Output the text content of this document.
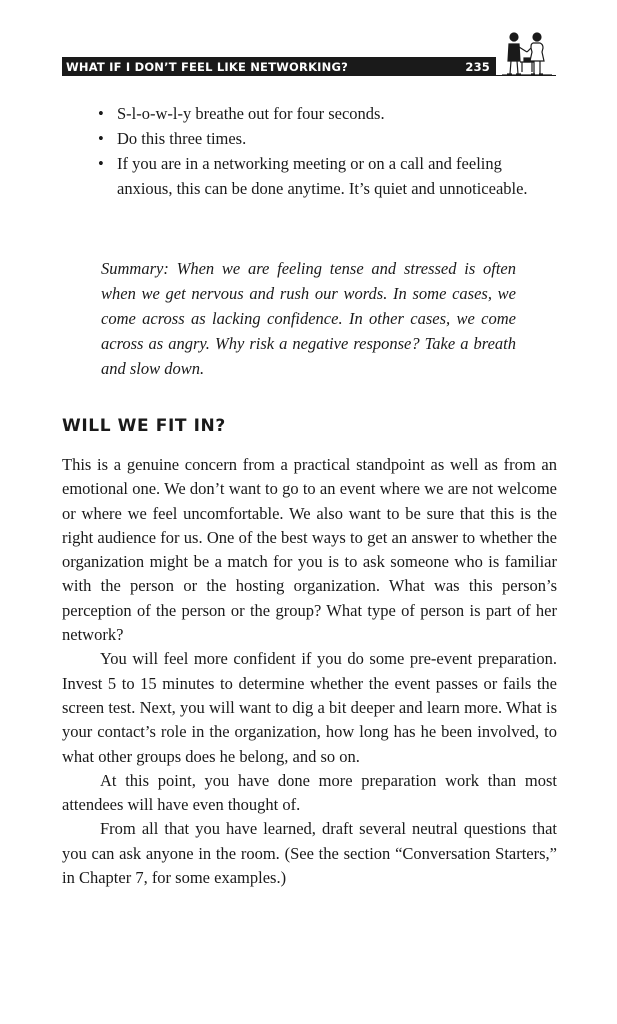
WHAT IF I DON’T FEEL LIKE NETWORKING?	235
• S-l-o-w-l-y breathe out for four seconds.
• Do this three times.
• If you are in a networking meeting or on a call and feeling anxious, this can be done anytime. It’s quiet and unnoticeable.

Summary: When we are feeling tense and stressed is often when we get nervous and rush our words. In some cases, we come across as lacking confidence. In other cases, we come across as angry. Why risk a negative response? Take a breath and slow down.

WILL WE FIT IN?

This is a genuine concern from a practical standpoint as well as from an emotional one. We don’t want to go to an event where we are not welcome or where we feel uncomfortable. We also want to be sure that this is the right audience for us. One of the best ways to get an answer to whether the organization might be a match for you is to ask someone who is familiar with the person or the hosting organization. What was this person’s perception of the person or the group? What type of person is part of her network?

You will feel more confident if you do some pre-event preparation. Invest 5 to 15 minutes to determine whether the event passes or fails the screen test. Next, you will want to dig a bit deeper and learn more. What is your contact’s role in the organization, how long has he been involved, to what other groups does he belong, and so on.

At this point, you have done more preparation work than most attendees will have even thought of.

From all that you have learned, draft several neutral questions that you can ask anyone in the room. (See the section “Conversation Starters,” in Chapter 7, for some examples.)
